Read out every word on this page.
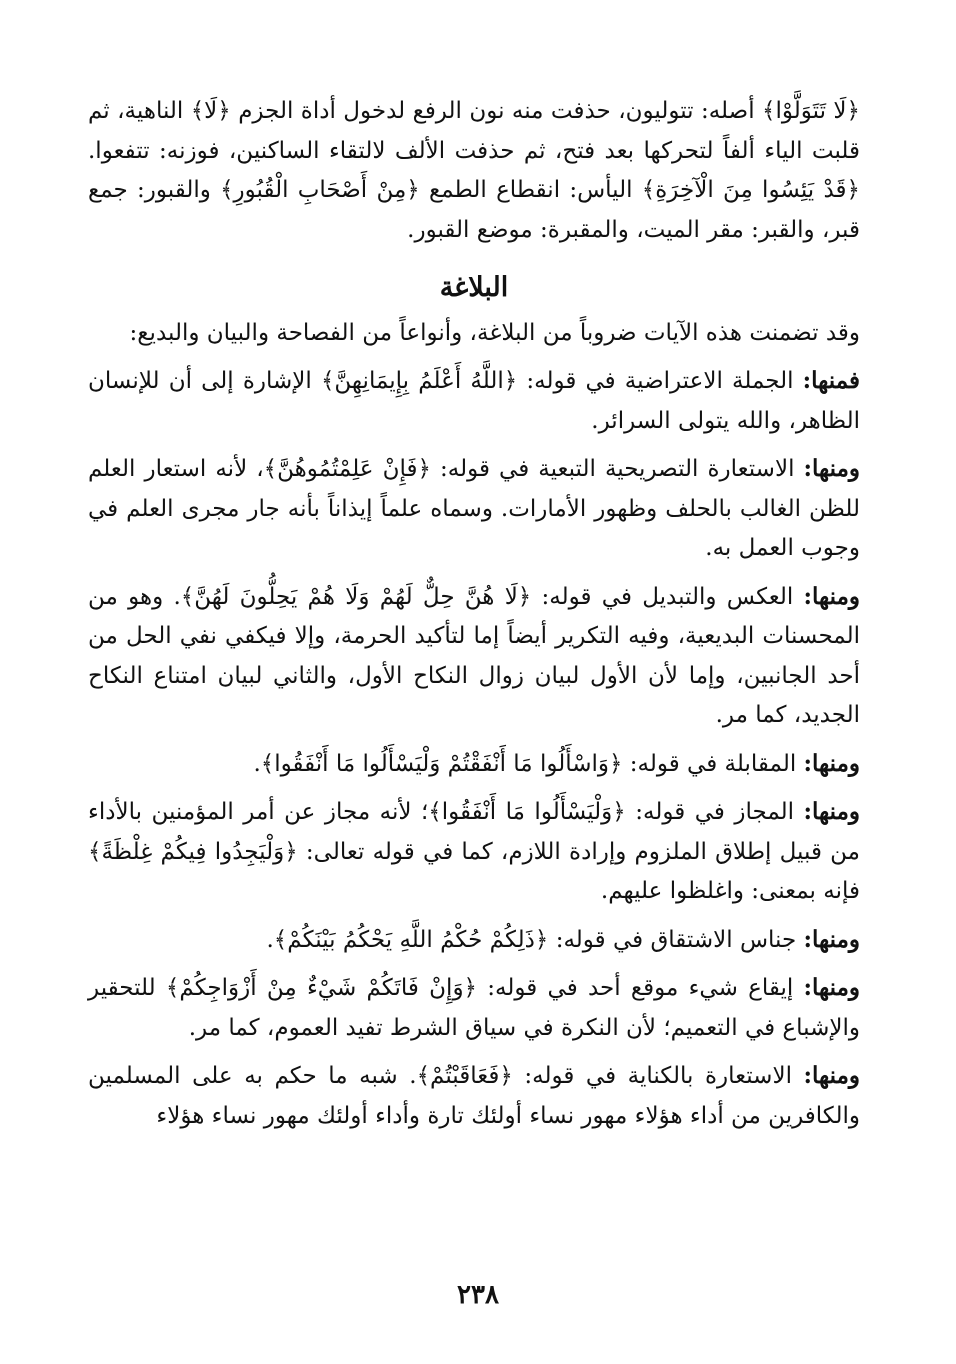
﴿لَا تَتَوَلَّوْا﴾ أصله: تتوليون، حذفت منه نون الرفع لدخول أداة الجزم ﴿لَا﴾ الناهية، ثم قلبت الياء ألفاً لتحركها بعد فتح، ثم حذفت الألف لالتقاء الساكنين، فوزنه: تتفعوا. ﴿قَدْ يَئِسُوا مِنَ الْآخِرَةِ﴾ اليأس: انقطاع الطمع ﴿مِنْ أَصْحَابِ الْقُبُورِ﴾ والقبور: جمع قبر، والقبر: مقر الميت، والمقبرة: موضع القبور.

البلاغة

وقد تضمنت هذه الآيات ضروباً من البلاغة، وأنواعاً من الفصاحة والبيان والبديع:

فمنها: الجملة الاعتراضية في قوله: ﴿اللَّهُ أَعْلَمُ بِإِيمَانِهِنَّ﴾ الإشارة إلى أن للإنسان الظاهر، والله يتولى السرائر.

ومنها: الاستعارة التصريحية التبعية في قوله: ﴿فَإِنْ عَلِمْتُمُوهُنَّ﴾، لأنه استعار العلم للظن الغالب بالحلف وظهور الأمارات. وسماه علماً إيذاناً بأنه جار مجرى العلم في وجوب العمل به.

ومنها: العكس والتبديل في قوله: ﴿لَا هُنَّ حِلٌّ لَهُمْ وَلَا هُمْ يَحِلُّونَ لَهُنَّ﴾. وهو من المحسنات البديعية، وفيه التكرير أيضاً إما لتأكيد الحرمة، وإلا فيكفي نفي الحل من أحد الجانبين، وإما لأن الأول لبيان زوال النكاح الأول، والثاني لبيان امتناع النكاح الجديد، كما مر.

ومنها: المقابلة في قوله: ﴿وَاسْأَلُوا مَا أَنْفَقْتُمْ وَلْيَسْأَلُوا مَا أَنْفَقُوا﴾.

ومنها: المجاز في قوله: ﴿وَلْيَسْأَلُوا مَا أَنْفَقُوا﴾؛ لأنه مجاز عن أمر المؤمنين بالأداء من قبيل إطلاق الملزوم وإرادة اللازم، كما في قوله تعالى: ﴿وَلْيَجِدُوا فِيكُمْ غِلْظَةً﴾ فإنه بمعنى: واغلظوا عليهم.

ومنها: جناس الاشتقاق في قوله: ﴿ذَلِكُمْ حُكْمُ اللَّهِ يَحْكُمُ بَيْنَكُمْ﴾.

ومنها: إيقاع شيء موقع أحد في قوله: ﴿وَإِنْ فَاتَكُمْ شَيْءٌ مِنْ أَزْوَاجِكُمْ﴾ للتحقير والإشباع في التعميم؛ لأن النكرة في سياق الشرط تفيد العموم، كما مر.

ومنها: الاستعارة بالكناية في قوله: ﴿فَعَاقَبْتُمْ﴾. شبه ما حكم به على المسلمين والكافرين من أداء هؤلاء مهور نساء أولئك تارة وأداء أولئك مهور نساء هؤلاء

٢٣٨
